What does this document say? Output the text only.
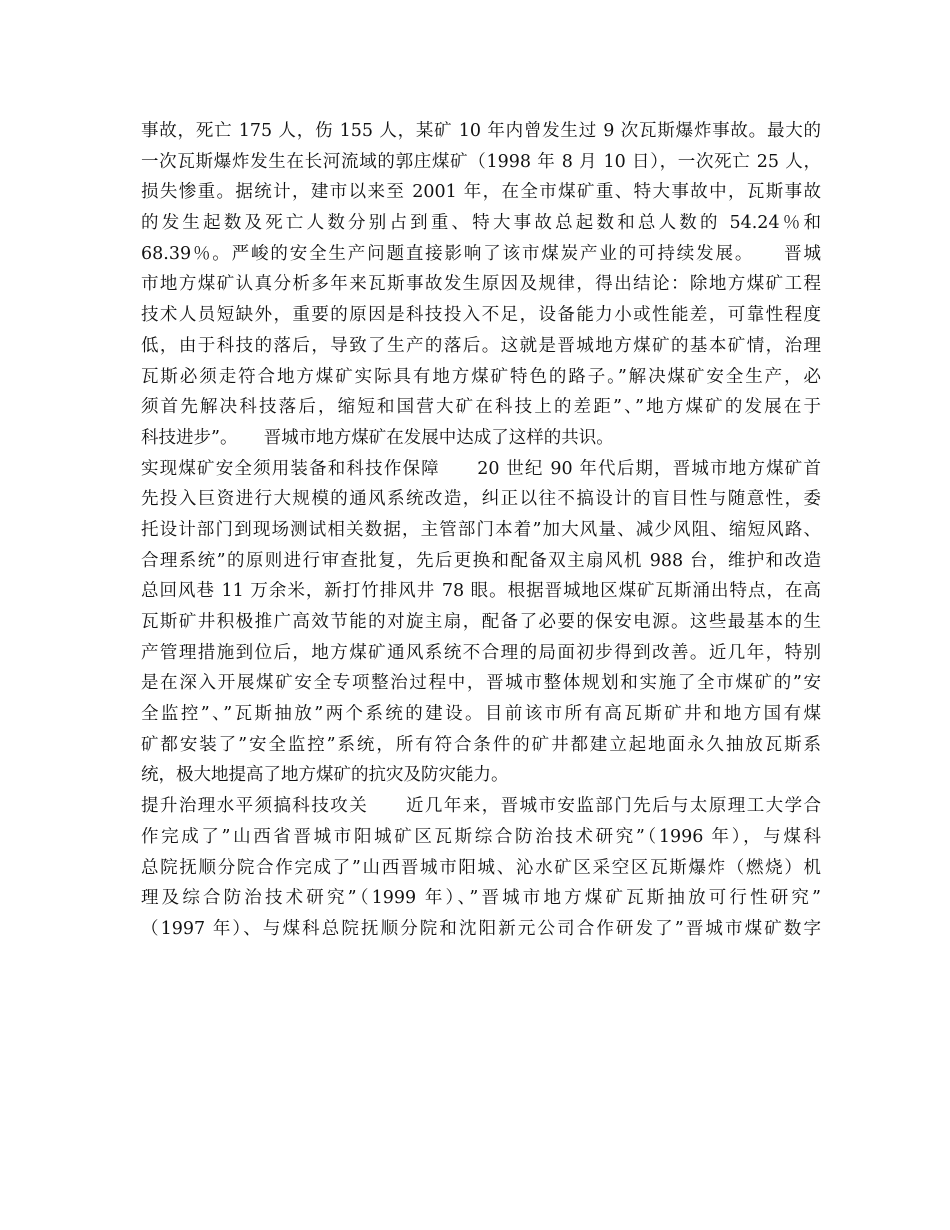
事故，死亡 175 人，伤 155 人，某矿 10 年内曾发生过 9 次瓦斯爆炸事故。最大的
一次瓦斯爆炸发生在长河流域的郭庄煤矿（1998 年 8 月 10 日），一次死亡 25 人，
损失惨重。据统计，建市以来至 2001 年，在全市煤矿重、特大事故中，瓦斯事故
的发生起数及死亡人数分别占到重、特大事故总起数和总人数的 54.24％和
68.39％。严峻的安全生产问题直接影响了该市煤炭产业的可持续发展。　　晋城
市地方煤矿认真分析多年来瓦斯事故发生原因及规律，得出结论：除地方煤矿工程
技术人员短缺外，重要的原因是科技投入不足，设备能力小或性能差，可靠性程度
低，由于科技的落后，导致了生产的落后。这就是晋城地方煤矿的基本矿情，治理
瓦斯必须走符合地方煤矿实际具有地方煤矿特色的路子。”解决煤矿安全生产，必
须首先解决科技落后，缩短和国营大矿在科技上的差距”、”地方煤矿的发展在于
科技进步”。　　晋城市地方煤矿在发展中达成了这样的共识。
实现煤矿安全须用装备和科技作保障　　20 世纪 90 年代后期，晋城市地方煤矿首
先投入巨资进行大规模的通风系统改造，纠正以往不搞设计的盲目性与随意性，委
托设计部门到现场测试相关数据，主管部门本着”加大风量、减少风阻、缩短风路、
合理系统”的原则进行审查批复，先后更换和配备双主扇风机 988 台，维护和改造
总回风巷 11 万余米，新打竹排风井 78 眼。根据晋城地区煤矿瓦斯涌出特点，在高
瓦斯矿井积极推广高效节能的对旋主扇，配备了必要的保安电源。这些最基本的生
产管理措施到位后，地方煤矿通风系统不合理的局面初步得到改善。近几年，特别
是在深入开展煤矿安全专项整治过程中，晋城市整体规划和实施了全市煤矿的”安
全监控”、”瓦斯抽放”两个系统的建设。目前该市所有高瓦斯矿井和地方国有煤
矿都安装了”安全监控”系统，所有符合条件的矿井都建立起地面永久抽放瓦斯系
统，极大地提高了地方煤矿的抗灾及防灾能力。
提升治理水平须搞科技攻关　　近几年来，晋城市安监部门先后与太原理工大学合
作完成了”山西省晋城市阳城矿区瓦斯综合防治技术研究”（1996 年），与煤科
总院抚顺分院合作完成了”山西晋城市阳城、沁水矿区采空区瓦斯爆炸（燃烧）机
理及综合防治技术研究”（1999 年）、”晋城市地方煤矿瓦斯抽放可行性研究”
（1997 年）、与煤科总院抚顺分院和沈阳新元公司合作研发了”晋城市煤矿数字
